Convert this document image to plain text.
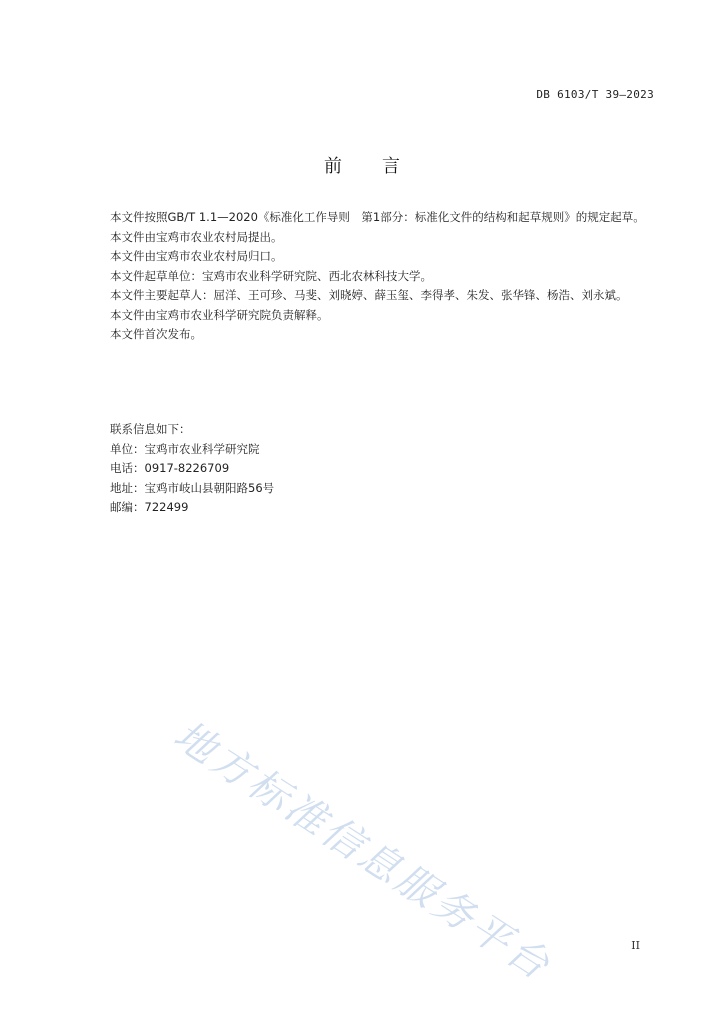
DB 6103/T 39—2023
前言

本文件按照GB/T 1.1—2020《标准化工作导则　第1部分：标准化文件的结构和起草规则》的规定起草。

本文件由宝鸡市农业农村局提出。

本文件由宝鸡市农业农村局归口。

本文件起草单位：宝鸡市农业科学研究院、西北农林科技大学。

本文件主要起草人：屈洋、王可珍、马斐、刘晓婷、薛玉玺、李得孝、朱发、张华锋、杨浩、刘永斌。

本文件由宝鸡市农业科学研究院负责解释。

本文件首次发布。

联系信息如下：
单位：宝鸡市农业科学研究院
电话：0917-8226709
地址：宝鸡市岐山县朝阳路56号
邮编：722499
地方标准信息服务平台	II
